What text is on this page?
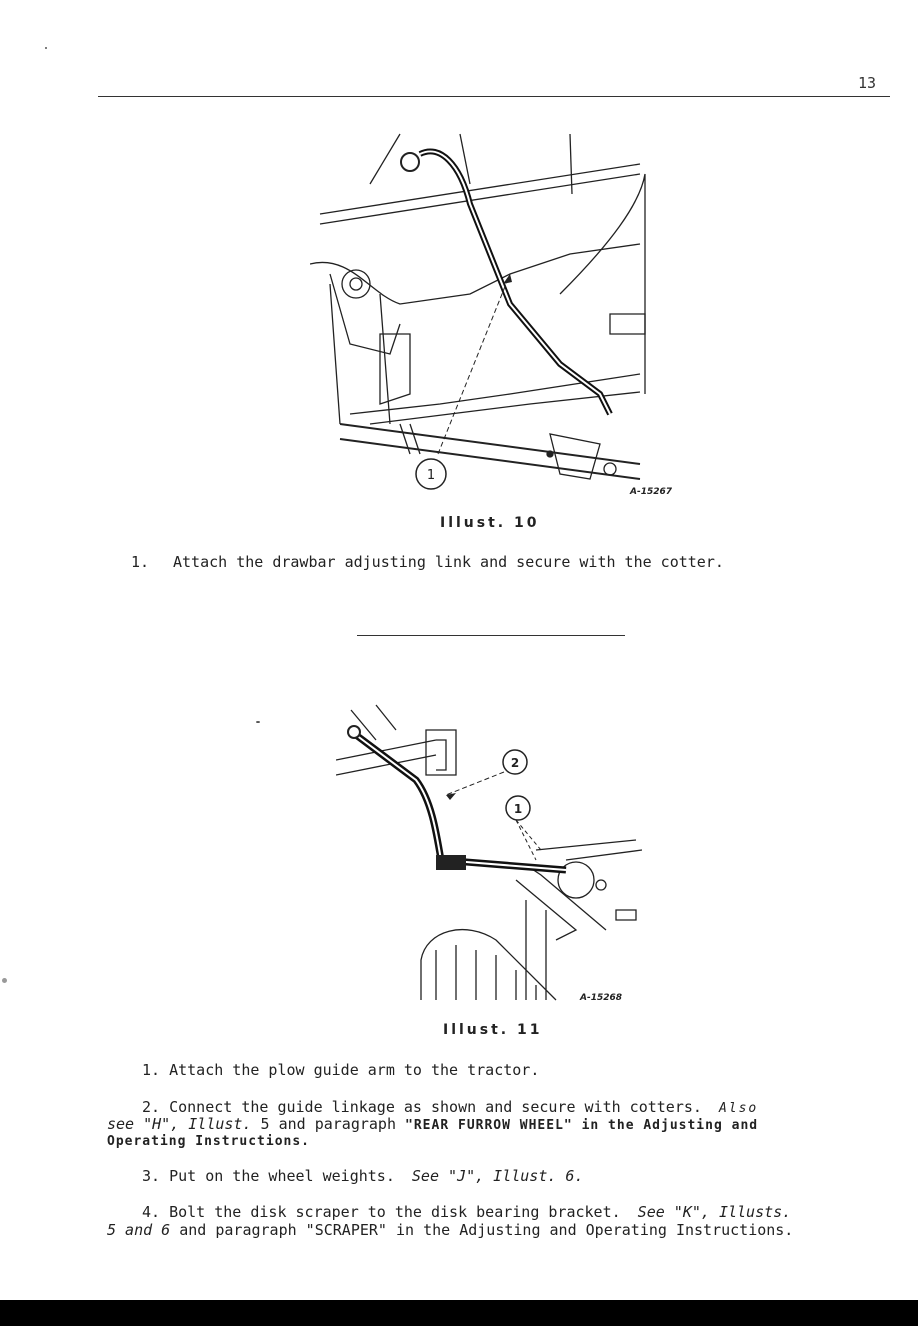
13
1
A-15267
Illust. 10
1. Attach the drawbar adjusting link and secure with the cotter.
2
1
A-15268
Illust. 11
1. Attach the plow guide arm to the tractor.
2. Connect the guide linkage as shown and secure with cotters. Also
see "H", Illust. 5 and paragraph "REAR FURROW WHEEL" in the Adjusting and
Operating Instructions.
3. Put on the wheel weights. See "J", Illust. 6.
4. Bolt the disk scraper to the disk bearing bracket. See "K", Illusts.
5 and 6 and paragraph "SCRAPER" in the Adjusting and Operating Instructions.
